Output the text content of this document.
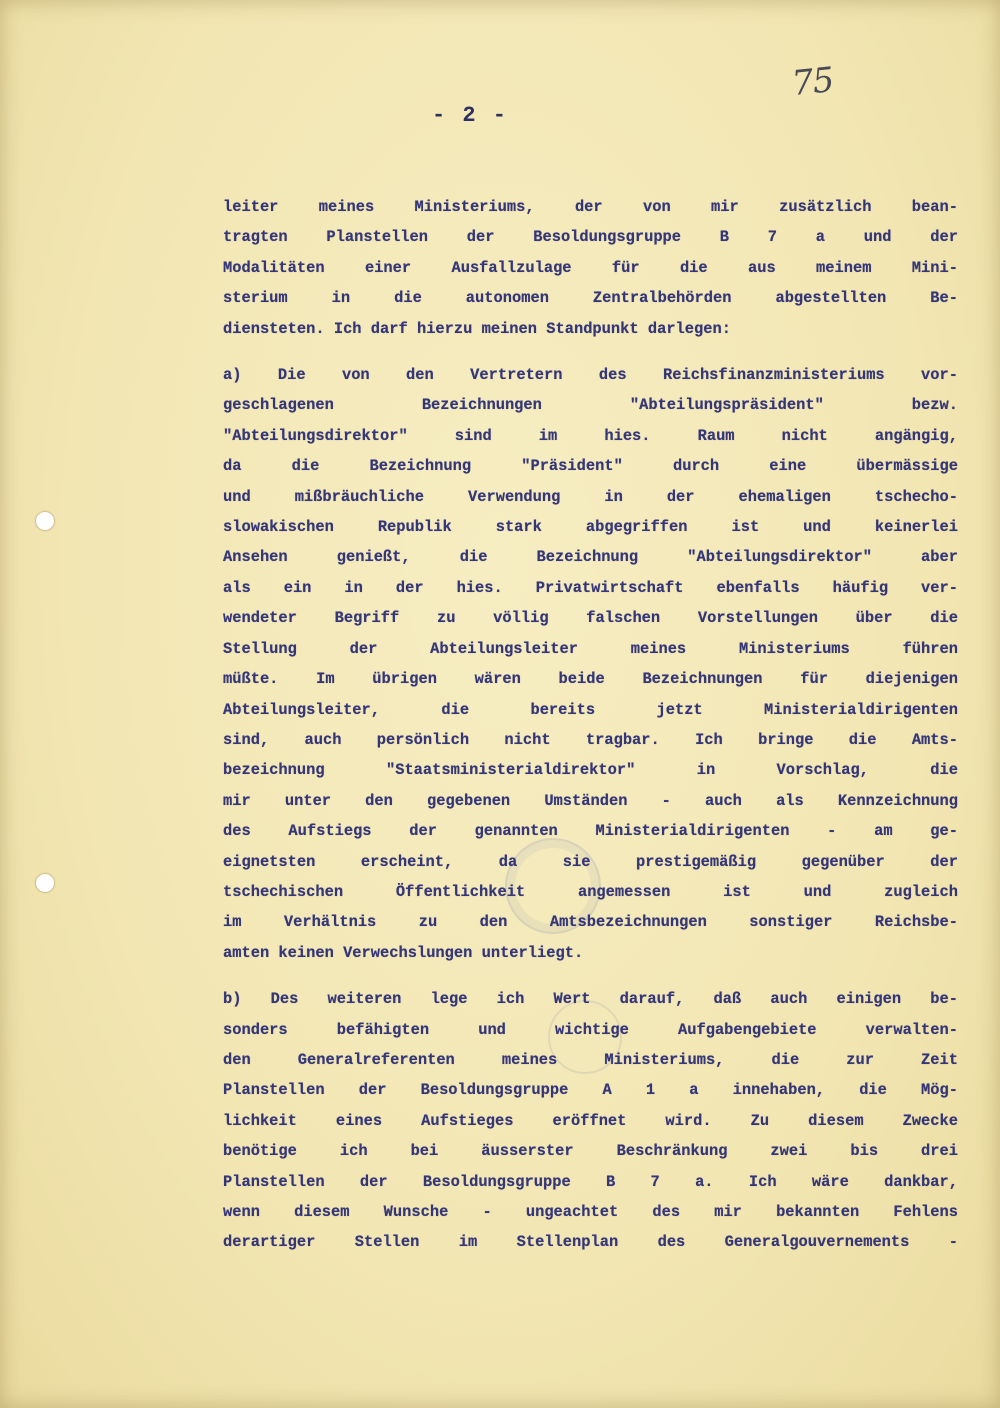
75
- 2 -
leiter meines Ministeriums, der von mir zusätzlich bean-
tragten Planstellen der Besoldungsgruppe B 7 a und der
Modalitäten einer Ausfallzulage für die aus meinem Mini-
sterium in die autonomen Zentralbehörden abgestellten Be-
diensteten. Ich darf hierzu meinen Standpunkt darlegen:
a) Die von den Vertretern des Reichsfinanzministeriums vor-
geschlagenen Bezeichnungen "Abteilungspräsident" bezw.
"Abteilungsdirektor" sind im hies. Raum nicht angängig,
da die Bezeichnung "Präsident" durch eine übermässige
und mißbräuchliche Verwendung in der ehemaligen tschecho-
slowakischen Republik stark abgegriffen ist und keinerlei
Ansehen genießt, die Bezeichnung "Abteilungsdirektor" aber
als ein in der hies. Privatwirtschaft ebenfalls häufig ver-
wendeter Begriff zu völlig falschen Vorstellungen über die
Stellung der Abteilungsleiter meines Ministeriums führen
müßte. Im übrigen wären beide Bezeichnungen für diejenigen
Abteilungsleiter, die bereits jetzt Ministerialdirigenten
sind, auch persönlich nicht tragbar. Ich bringe die Amts-
bezeichnung "Staatsministerialdirektor" in Vorschlag, die
mir unter den gegebenen Umständen - auch als Kennzeichnung
des Aufstiegs der genannten Ministerialdirigenten - am ge-
eignetsten erscheint, da sie prestigemäßig gegenüber der
tschechischen Öffentlichkeit angemessen ist und zugleich
im Verhältnis zu den Amtsbezeichnungen sonstiger Reichsbe-
amten keinen Verwechslungen unterliegt.
b) Des weiteren lege ich Wert darauf, daß auch einigen be-
sonders befähigten und wichtige Aufgabengebiete verwalten-
den Generalreferenten meines Ministeriums, die zur Zeit
Planstellen der Besoldungsgruppe A 1 a innehaben, die Mög-
lichkeit eines Aufstieges eröffnet wird. Zu diesem Zwecke
benötige ich bei äusserster Beschränkung zwei bis drei
Planstellen der Besoldungsgruppe B 7 a. Ich wäre dankbar,
wenn diesem Wunsche - ungeachtet des mir bekannten Fehlens
derartiger Stellen im Stellenplan des Generalgouvernements -
